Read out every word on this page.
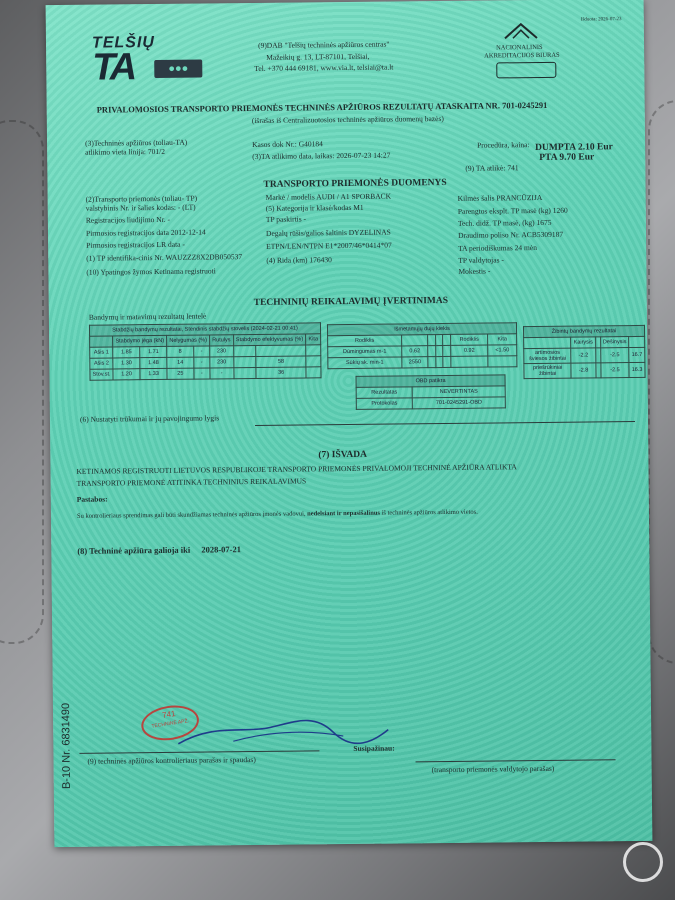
TELŠIŲ
TA	●●●
(9)DAB "Telšių techninės apžiūros centras"
Mažeikių g. 13, LT-87101, Telšiai,
Tel. +370 444 69181, www.via.lt, telsiai@ta.lt
NACIONALINIS
AKREDITACIJOS BIURAS
Išduota: 2026-07-23
PRIVALOMOSIOS TRANSPORTO PRIEMONĖS TECHNINĖS APŽIŪROS REZULTATŲ ATASKAITA NR. 701-0245291
(išrašas iš Centralizuotosios techninės apžiūros duomenų bazės)
(3)Techninės apžiūros (toliau-TA)
atlikimo vieta linija: 701/2
Kasos dok Nr.: G40184
(3)TA atlikimo data, laikas: 2026-07-23 14:27
Procedūra, kaina: DUMPTA 2.10 Eur
PTA 9.70 Eur
(9) TA atlikė: 741
TRANSPORTO PRIEMONĖS DUOMENYS
(2)Transporto priemonės (toliau- TP)
valstybinis Nr. ir šalies kodas: - (LT)
Registracijos liudijimo Nr. -
Pirmosios registracijos data 2012-12-14
Pirmosios registracijos LR data -
(1) TP identifika-cinis Nr. WAUZZZ8X2DB050537
(10) Ypatingos žymos Ketinama registruoti
Markė / modelis AUDI / A1 SPORBACK
(5) Kategorija ir klasė/kodas M1
TP paskirtis -
Degalų rūšis/galios šaltinis DYZELINAS
ETPN/LEN/NTPN E1*2007/46*0414*07
(4) Rida (km) 176430
Kilmės šalis PRANCŪZIJA
Parengtos eksplt. TP masė (kg) 1260
Tech. didž. TP masė, (kg) 1675
Draudimo poliso Nr. ACB5309187
TA periodiškumas 24 mėn
TP valdytojas -
Mokestis -
TECHNINIŲ REIKALAVIMŲ ĮVERTINIMAS
Bandymų ir matavimų rezultatų lentelė
Stabdžių bandymų rezultatai, Stendinis stabdžių stovelis (2024-02-21 00:41)								
	Stabdymo jėga (kN)		Nelygumas (%)		Rutulys	Stabdymo efektyvumas (%)		Kita
Ašis 1	1.85	1.71	8	-	230			
Ašis 2	1.30	1.48	14	-	230		58	
Stov.st.	1.20	1.33	25	-	-		36	
Išmetamųjų dujų kiekis						
Rodiklis					Rodiklis	Kita
Dūmingumas m-1	0.62				0.92	<1.50
Sūkių sk. min-1	2550					
Žibintų bandymų rezultatai				
	Kairysis		Dešinysis	
artimosios šviesos žibintai	-2.2		-2.5	16.7
priešrūkiniai žibintai	-2.8		-2.5	16.3
OBD patikra	
Rezultatas	NEVERTINTAS
Protokolas	701-0245291-OBD
(6) Nustatyti trūkumai ir jų pavojingumo lygis
(7) IŠVADA
KETINAMOS REGISTRUOTI LIETUVOS RESPUBLIKOJE TRANSPORTO PRIEMONĖS PRIVALOMOJI TECHNINĖ APŽIŪRA ATLIKTA
TRANSPORTO PRIEMONĖ ATITINKA TECHNINIUS REIKALAVIMUS
Pastabos:
Su kontrolieriaus sprendimas gali būti skundžiamas techninės apžiūros įmonės vadovui, nedelsiant ir nepasišalinus iš techninės apžiūros atlikimo vietos.
(8) Techninė apžiūra galioja iki 2028-07-21
741
TECHNINĖ APŽ.
(9) techninės apžiūros kontrolieriaus parašas ir spaudas)
Susipažinau:
(transporto priemonės valdytojo parašas)
B-10 Nr. 6831490
